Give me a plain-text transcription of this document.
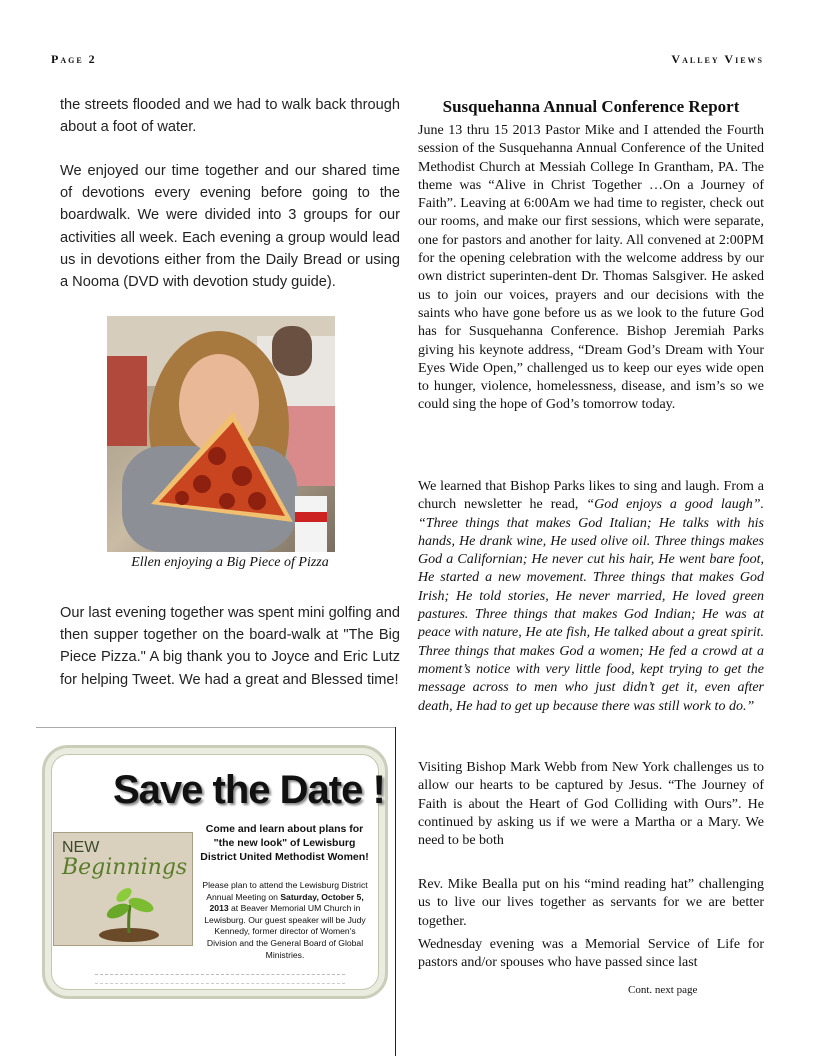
Page 2	Valley Views

the streets flooded and we had to walk back through about a foot of water.

We enjoyed our time together and our shared time of devotions every evening before going to the boardwalk. We were divided into 3 groups for our activities all week. Each evening a group would lead us in devotions either from the Daily Bread or using a Nooma (DVD with devotion study guide).

Ellen enjoying a Big Piece of Pizza

Our last evening together was spent mini golfing and then supper together on the board-walk at "The Big Piece Pizza." A big thank you to Joyce and Eric Lutz for helping Tweet. We had a great and Blessed time!

Save the Date !
NEW
Beginnings
Come and learn about plans for "the new look" of Lewisburg District United Methodist Women!
Please plan to attend the Lewisburg District Annual Meeting on Saturday, October 5, 2013 at Beaver Memorial UM Church in Lewisburg. Our guest speaker will be Judy Kennedy, former director of Women's Division and the General Board of Global Ministries.
Susquehanna Annual Conference Report

June 13 thru 15 2013 Pastor Mike and I attended the Fourth session of the Susquehanna Annual Conference of the United Methodist Church at Messiah College In Grantham, PA. The theme was “Alive in Christ Together …On a Journey of Faith”. Leaving at 6:00Am we had time to register, check out our rooms, and make our first sessions, which were separate, one for pastors and another for laity. All convened at 2:00PM for the opening celebration with the welcome address by our own district superinten-dent Dr. Thomas Salsgiver. He asked us to join our voices, prayers and our decisions with the saints who have gone before us as we look to the future God has for Susquehanna Conference. Bishop Jeremiah Parks giving his keynote address, “Dream God’s Dream with Your Eyes Wide Open,” challenged us to keep our eyes wide open to hunger, violence, homelessness, disease, and ism’s so we could sing the hope of God’s tomorrow today.

We learned that Bishop Parks likes to sing and laugh. From a church newsletter he read, “God enjoys a good laugh”. “Three things that makes God Italian; He talks with his hands, He drank wine, He used olive oil. Three things makes God a Californian; He never cut his hair, He went bare foot, He started a new movement. Three things that makes God Irish; He told stories, He never married, He loved green pastures. Three things that makes God Indian; He was at peace with nature, He ate fish, He talked about a great spirit. Three things that makes God a women; He fed a crowd at a moment’s notice with very little food, kept trying to get the message across to men who just didn’t get it, even after death, He had to get up because there was still work to do.”

Visiting Bishop Mark Webb from New York challenges us to allow our hearts to be captured by Jesus. “The Journey of Faith is about the Heart of God Colliding with Ours”. He continued by asking us if we were a Martha or a Mary. We need to be both

Rev. Mike Bealla put on his “mind reading hat” challenging us to live our lives together as servants for we are better together.

Wednesday evening was a Memorial Service of Life for pastors and/or spouses who have passed since last

Cont. next page
